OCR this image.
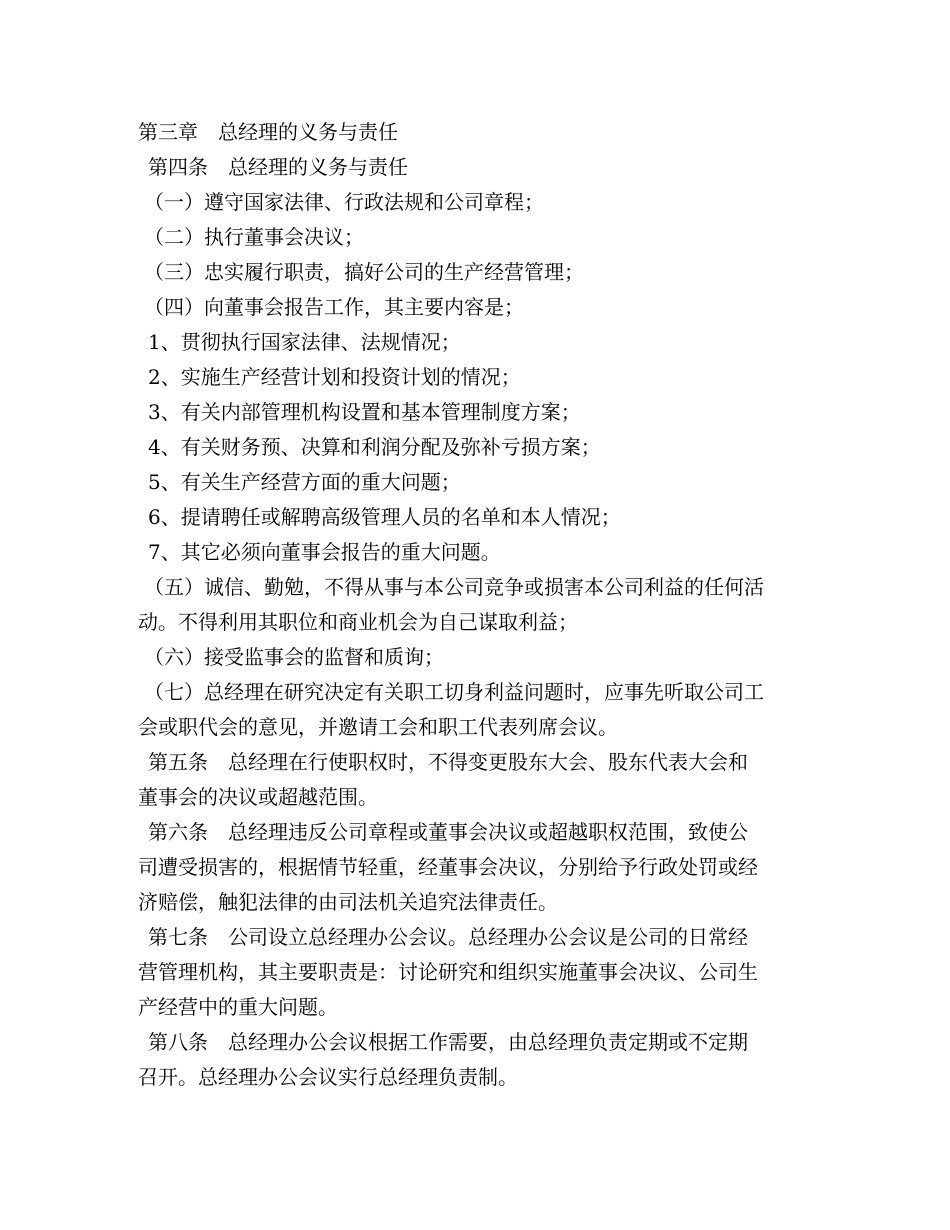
第三章　总经理的义务与责任
第四条　总经理的义务与责任
（一）遵守国家法律、行政法规和公司章程；
（二）执行董事会决议；
（三）忠实履行职责，搞好公司的生产经营管理；
（四）向董事会报告工作，其主要内容是；
1、贯彻执行国家法律、法规情况；
2、实施生产经营计划和投资计划的情况；
3、有关内部管理机构设置和基本管理制度方案；
4、有关财务预、决算和利润分配及弥补亏损方案；
5、有关生产经营方面的重大问题；
6、提请聘任或解聘高级管理人员的名单和本人情况；
7、其它必须向董事会报告的重大问题。
（五）诚信、勤勉，不得从事与本公司竞争或损害本公司利益的任何活
动。不得利用其职位和商业机会为自己谋取利益；
（六）接受监事会的监督和质询；
（七）总经理在研究决定有关职工切身利益问题时，应事先听取公司工
会或职代会的意见，并邀请工会和职工代表列席会议。
第五条　总经理在行使职权时，不得变更股东大会、股东代表大会和
董事会的决议或超越范围。
第六条　总经理违反公司章程或董事会决议或超越职权范围，致使公
司遭受损害的，根据情节轻重，经董事会决议，分别给予行政处罚或经
济赔偿，触犯法律的由司法机关追究法律责任。
第七条　公司设立总经理办公会议。总经理办公会议是公司的日常经
营管理机构，其主要职责是：讨论研究和组织实施董事会决议、公司生
产经营中的重大问题。
第八条　总经理办公会议根据工作需要，由总经理负责定期或不定期
召开。总经理办公会议实行总经理负责制。
